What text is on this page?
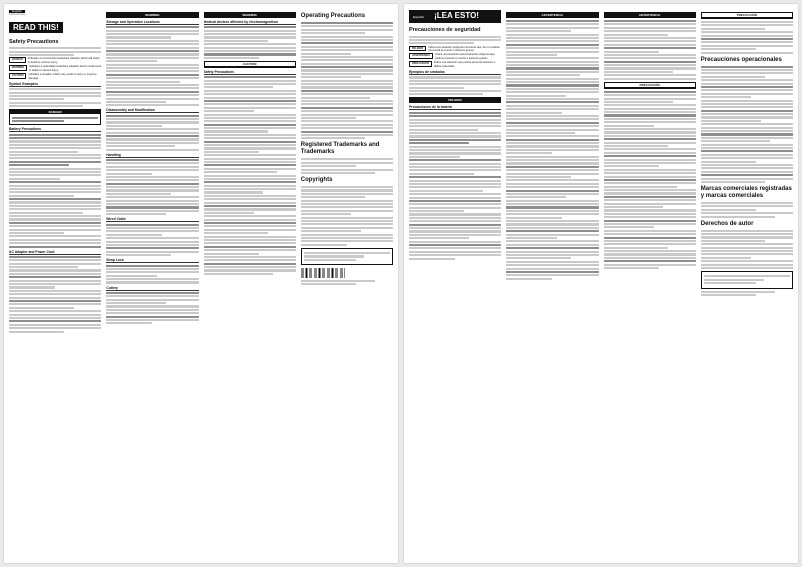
English
4-565-975-11(1)
READ THIS!
Safety Precautions
DANGER	Indicates an imminently hazardous situation which will result in death or serious injury.
WARNING	Indicates a potentially hazardous situation which could result in death or serious injury.
CAUTION	Indicates a situation which may result in injury or property damage.
Symbol Examples
DANGER
Battery Precautions
AC Adapter and Power Cord
WARNING
Storage and Operation Locations
Disassembly and Modification
Handling
Wired Cable
Strap Lock
Cutlery
WARNING
Medical devices affected by electromagnetism
CAUTION
Safety Precautions
Operating Precautions
Registered Trademarks and Trademarks
Copyrights
Español ¡LEA ESTO!
Precauciones de seguridad
PELIGRO	Indica una situación peligrosa inminente que, de no evitarse, provocará la muerte o lesiones graves.
ADVERTENCIA	Indica una situación potencialmente peligrosa que podría provocar la muerte o lesiones graves.
PRECAUCIÓN	Indica una situación que podría provocar lesiones o daños materiales.
Ejemplos de símbolos
PELIGRO
Precauciones de la batería
ADVERTENCIA	ADVERTENCIA
PRECAUCIÓN
PRECAUCIÓN
Precauciones operacionales
Marcas comerciales registradas y marcas comerciales
Derechos de autor
